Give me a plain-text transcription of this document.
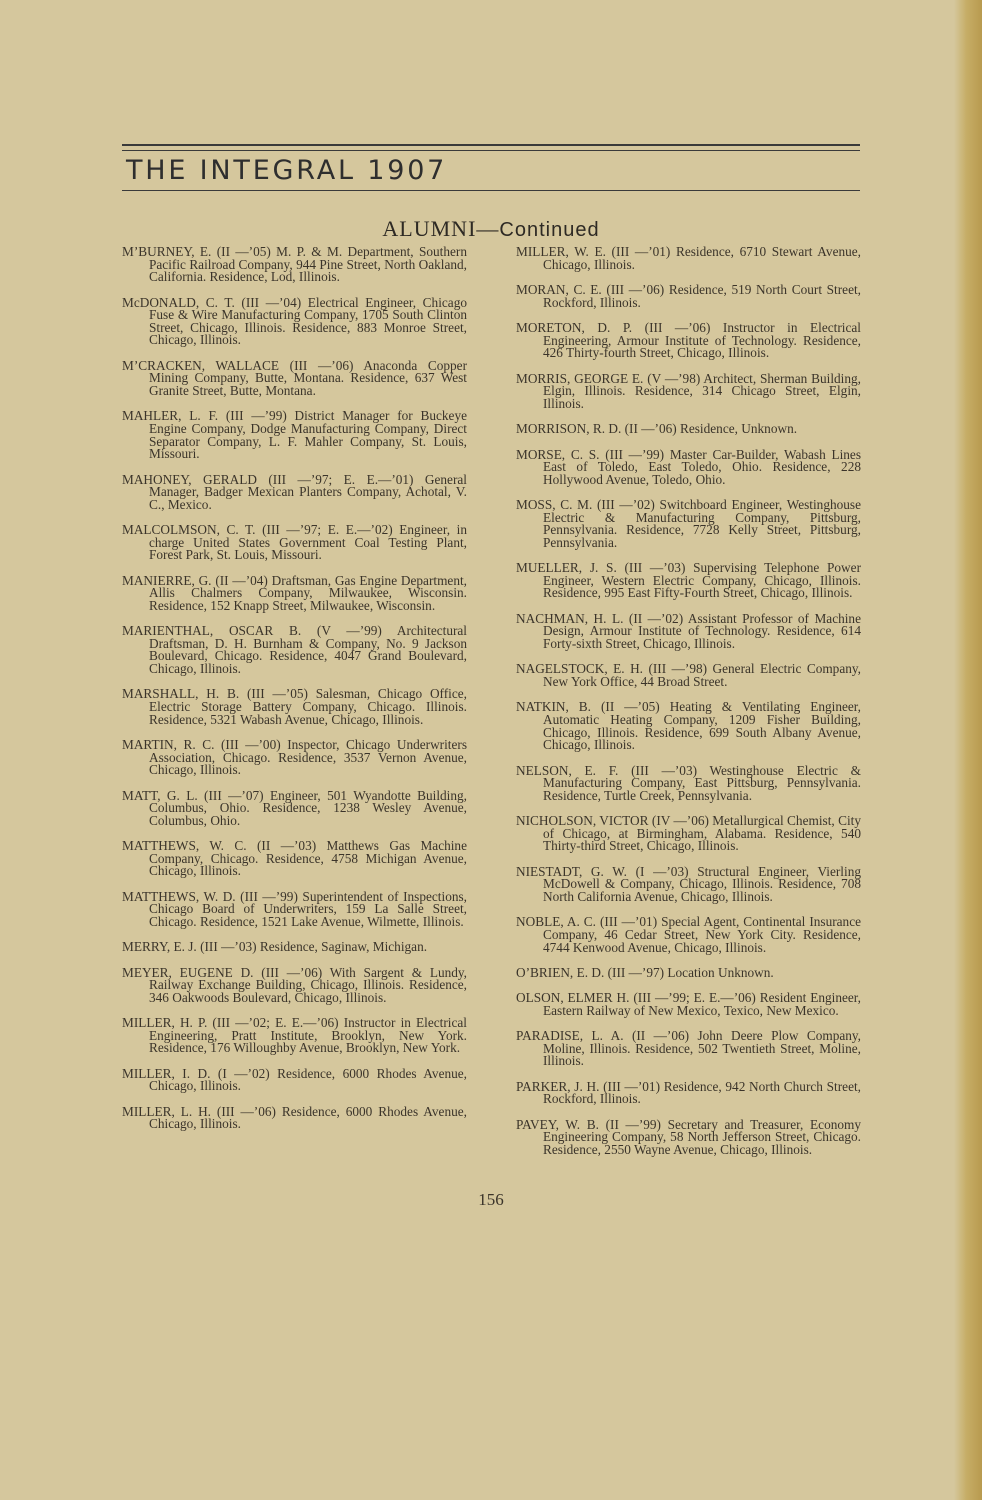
THE INTEGRAL 1907
ALUMNI—Continued

M’BURNEY, E. (II —’05) M. P. & M. Department, Southern Pacific Railroad Company, 944 Pine Street, North Oakland, California. Residence, Lod, Illinois.

McDONALD, C. T. (III —’04) Electrical Engineer, Chicago Fuse & Wire Manufacturing Company, 1705 South Clinton Street, Chicago, Illinois. Residence, 883 Monroe Street, Chicago, Illinois.

M’CRACKEN, WALLACE (III —’06) Anaconda Copper Mining Company, Butte, Montana. Residence, 637 West Granite Street, Butte, Montana.

MAHLER, L. F. (III —’99) District Manager for Buckeye Engine Company, Dodge Manufacturing Company, Direct Separator Company, L. F. Mahler Company, St. Louis, Missouri.

MAHONEY, GERALD (III —’97; E. E.—’01) General Manager, Badger Mexican Planters Company, Achotal, V. C., Mexico.

MALCOLMSON, C. T. (III —’97; E. E.—’02) Engineer, in charge United States Government Coal Testing Plant, Forest Park, St. Louis, Missouri.

MANIERRE, G. (II —’04) Draftsman, Gas Engine Department, Allis Chalmers Company, Milwaukee, Wisconsin. Residence, 152 Knapp Street, Milwaukee, Wisconsin.

MARIENTHAL, OSCAR B. (V —’99) Architectural Draftsman, D. H. Burnham & Company, No. 9 Jackson Boulevard, Chicago. Residence, 4047 Grand Boulevard, Chicago, Illinois.

MARSHALL, H. B. (III —’05) Salesman, Chicago Office, Electric Storage Battery Company, Chicago. Illinois. Residence, 5321 Wabash Avenue, Chicago, Illinois.

MARTIN, R. C. (III —’00) Inspector, Chicago Underwriters Association, Chicago. Residence, 3537 Vernon Avenue, Chicago, Illinois.

MATT, G. L. (III —’07) Engineer, 501 Wyandotte Building, Columbus, Ohio. Residence, 1238 Wesley Avenue, Columbus, Ohio.

MATTHEWS, W. C. (II —’03) Matthews Gas Machine Company, Chicago. Residence, 4758 Michigan Avenue, Chicago, Illinois.

MATTHEWS, W. D. (III —’99) Superintendent of Inspections, Chicago Board of Underwriters, 159 La Salle Street, Chicago. Residence, 1521 Lake Avenue, Wilmette, Illinois.

MERRY, E. J. (III —’03) Residence, Saginaw, Michigan.

MEYER, EUGENE D. (III —’06) With Sargent & Lundy, Railway Exchange Building, Chicago, Illinois. Residence, 346 Oakwoods Boulevard, Chicago, Illinois.

MILLER, H. P. (III —’02; E. E.—’06) Instructor in Electrical Engineering, Pratt Institute, Brooklyn, New York. Residence, 176 Willoughby Avenue, Brooklyn, New York.

MILLER, I. D. (I —’02) Residence, 6000 Rhodes Avenue, Chicago, Illinois.

MILLER, L. H. (III —’06) Residence, 6000 Rhodes Avenue, Chicago, Illinois.

MILLER, W. E. (III —’01) Residence, 6710 Stewart Avenue, Chicago, Illinois.

MORAN, C. E. (III —’06) Residence, 519 North Court Street, Rockford, Illinois.

MORETON, D. P. (III —’06) Instructor in Electrical Engineering, Armour Institute of Technology. Residence, 426 Thirty-fourth Street, Chicago, Illinois.

MORRIS, GEORGE E. (V —’98) Architect, Sherman Building, Elgin, Illinois. Residence, 314 Chicago Street, Elgin, Illinois.

MORRISON, R. D. (II —’06) Residence, Unknown.

MORSE, C. S. (III —’99) Master Car-Builder, Wabash Lines East of Toledo, East Toledo, Ohio. Residence, 228 Hollywood Avenue, Toledo, Ohio.

MOSS, C. M. (III —’02) Switchboard Engineer, Westinghouse Electric & Manufacturing Company, Pittsburg, Pennsylvania. Residence, 7728 Kelly Street, Pittsburg, Pennsylvania.

MUELLER, J. S. (III —’03) Supervising Telephone Power Engineer, Western Electric Company, Chicago, Illinois. Residence, 995 East Fifty-Fourth Street, Chicago, Illinois.

NACHMAN, H. L. (II —’02) Assistant Professor of Machine Design, Armour Institute of Technology. Residence, 614 Forty-sixth Street, Chicago, Illinois.

NAGELSTOCK, E. H. (III —’98) General Electric Company, New York Office, 44 Broad Street.

NATKIN, B. (II —’05) Heating & Ventilating Engineer, Automatic Heating Company, 1209 Fisher Building, Chicago, Illinois. Residence, 699 South Albany Avenue, Chicago, Illinois.

NELSON, E. F. (III —’03) Westinghouse Electric & Manufacturing Company, East Pittsburg, Pennsylvania. Residence, Turtle Creek, Pennsylvania.

NICHOLSON, VICTOR (IV —’06) Metallurgical Chemist, City of Chicago, at Birmingham, Alabama. Residence, 540 Thirty-third Street, Chicago, Illinois.

NIESTADT, G. W. (I —’03) Structural Engineer, Vierling McDowell & Company, Chicago, Illinois. Residence, 708 North California Avenue, Chicago, Illinois.

NOBLE, A. C. (III —’01) Special Agent, Continental Insurance Company, 46 Cedar Street, New York City. Residence, 4744 Kenwood Avenue, Chicago, Illinois.

O’BRIEN, E. D. (III —’97) Location Unknown.

OLSON, ELMER H. (III —’99; E. E.—’06) Resident Engineer, Eastern Railway of New Mexico, Texico, New Mexico.

PARADISE, L. A. (II —’06) John Deere Plow Company, Moline, Illinois. Residence, 502 Twentieth Street, Moline, Illinois.

PARKER, J. H. (III —’01) Residence, 942 North Church Street, Rockford, Illinois.

PAVEY, W. B. (II —’99) Secretary and Treasurer, Economy Engineering Company, 58 North Jefferson Street, Chicago. Residence, 2550 Wayne Avenue, Chicago, Illinois.

156
